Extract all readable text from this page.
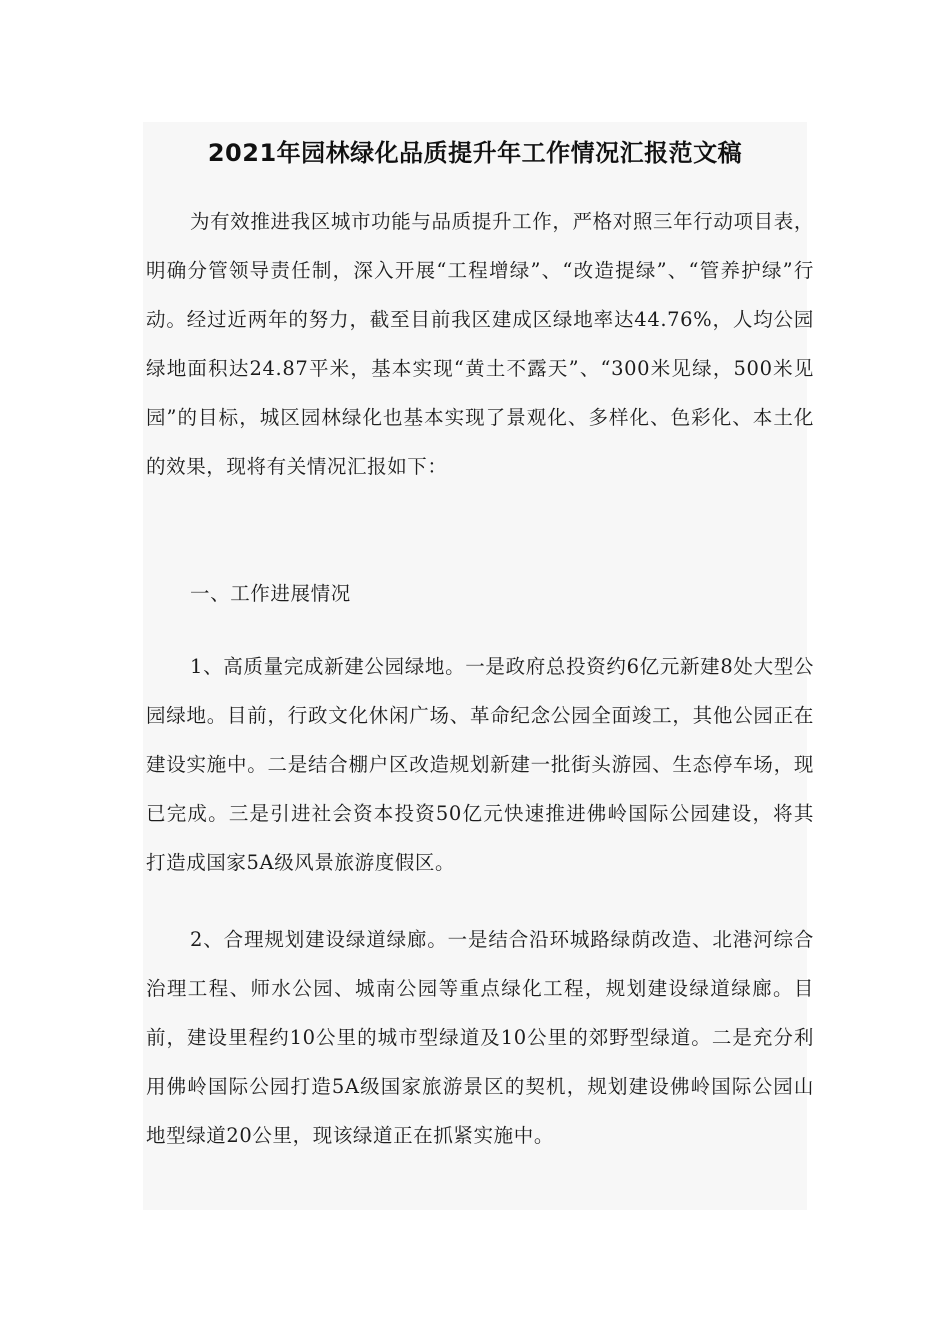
2021年园林绿化品质提升年工作情况汇报范文稿

为有效推进我区城市功能与品质提升工作，严格对照三年行动项目表，明确分管领导责任制，深入开展“工程增绿”、“改造提绿”、“管养护绿”行动。经过近两年的努力，截至目前我区建成区绿地率达44.76%，人均公园绿地面积达24.87平米，基本实现“黄土不露天”、“300米见绿，500米见园”的目标，城区园林绿化也基本实现了景观化、多样化、色彩化、本土化的效果，现将有关情况汇报如下：

一、工作进展情况

1、高质量完成新建公园绿地。一是政府总投资约6亿元新建8处大型公园绿地。目前，行政文化休闲广场、革命纪念公园全面竣工，其他公园正在建设实施中。二是结合棚户区改造规划新建一批街头游园、生态停车场，现已完成。三是引进社会资本投资50亿元快速推进佛岭国际公园建设，将其打造成国家5A级风景旅游度假区。

2、合理规划建设绿道绿廊。一是结合沿环城路绿荫改造、北港河综合治理工程、师水公园、城南公园等重点绿化工程，规划建设绿道绿廊。目前，建设里程约10公里的城市型绿道及10公里的郊野型绿道。二是充分利用佛岭国际公园打造5A级国家旅游景区的契机，规划建设佛岭国际公园山地型绿道20公里，现该绿道正在抓紧实施中。
